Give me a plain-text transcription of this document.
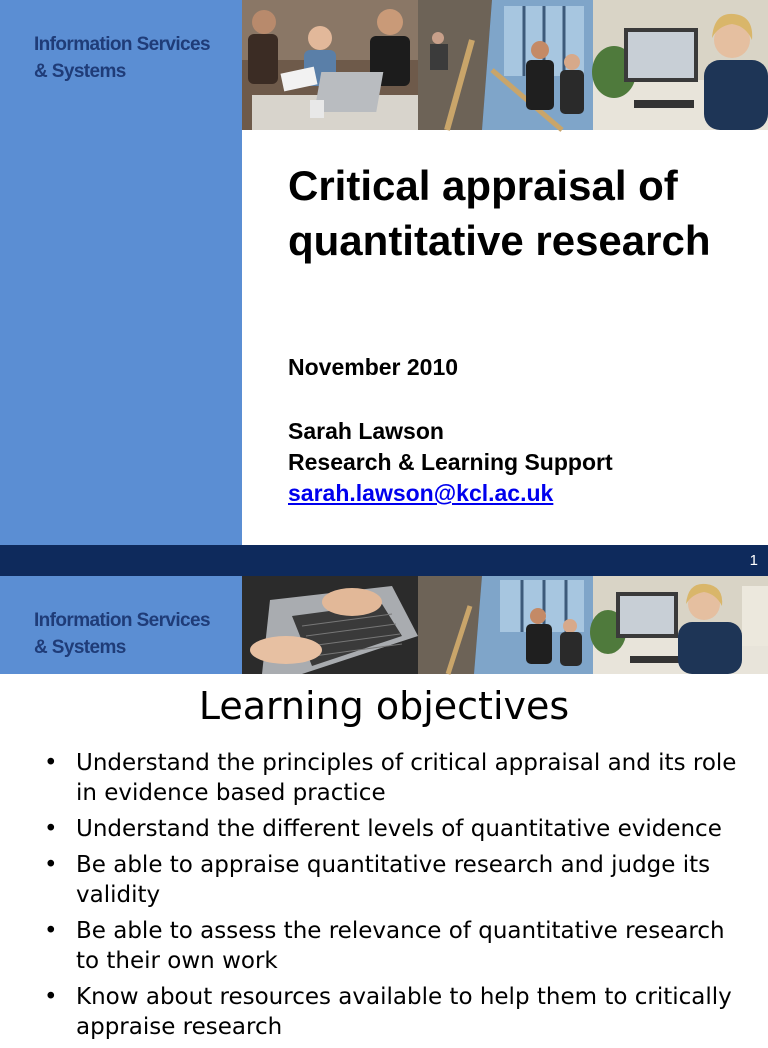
Information Services
& Systems
Critical appraisal of quantitative research
November 2010
Sarah Lawson
Research & Learning Support
sarah.lawson@kcl.ac.uk
1
Information Services
& Systems
Learning objectives
• Understand the principles of critical appraisal and its role in evidence based practice
• Understand the different levels of quantitative evidence
• Be able to appraise quantitative research and judge its validity
• Be able to assess the relevance of quantitative research to their own work
• Know about resources available to help them to critically appraise research
